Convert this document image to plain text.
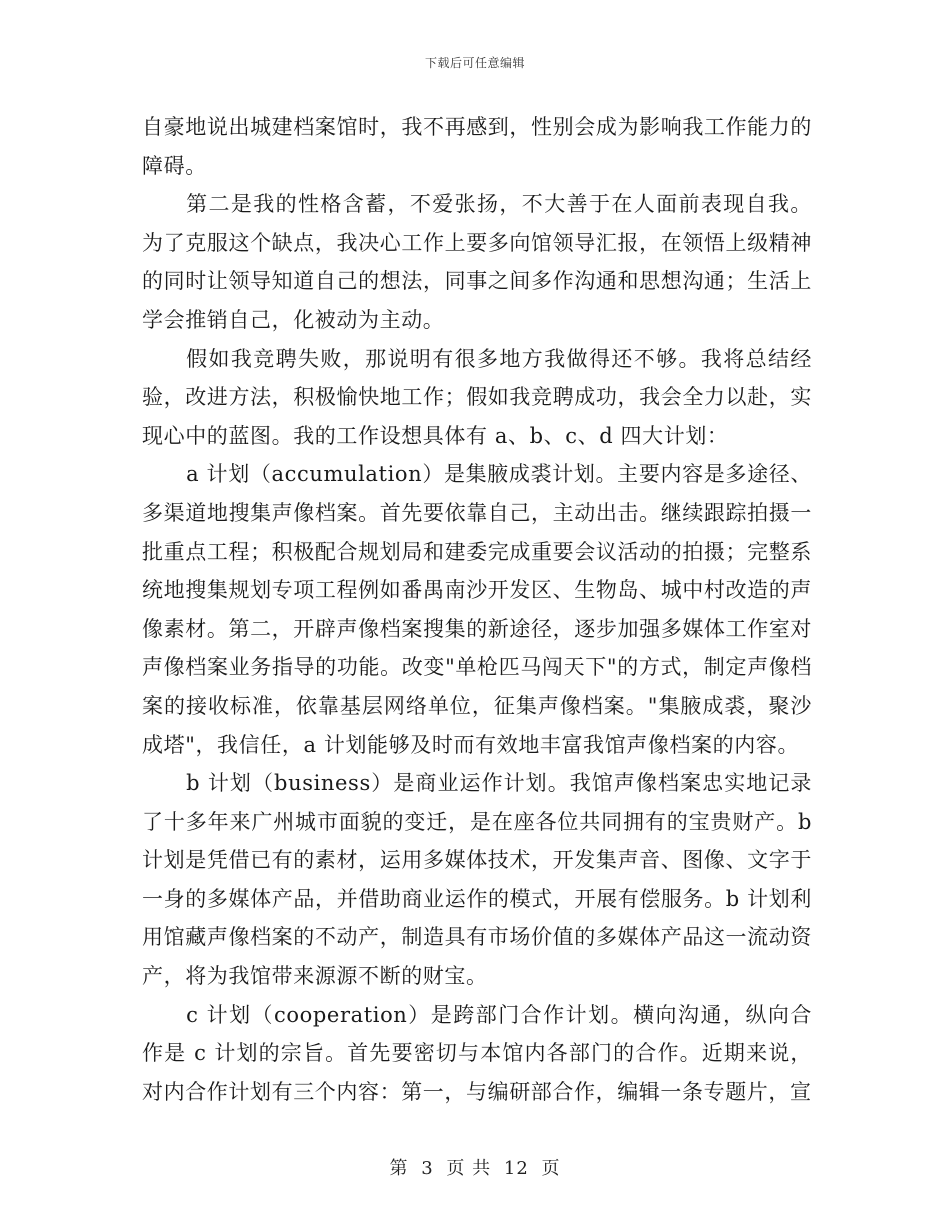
下载后可任意编辑

自豪地说出城建档案馆时，我不再感到，性别会成为影响我工作能力的障碍。

第二是我的性格含蓄，不爱张扬，不大善于在人面前表现自我。为了克服这个缺点，我决心工作上要多向馆领导汇报，在领悟上级精神的同时让领导知道自己的想法，同事之间多作沟通和思想沟通；生活上学会推销自己，化被动为主动。

假如我竞聘失败，那说明有很多地方我做得还不够。我将总结经验，改进方法，积极愉快地工作；假如我竞聘成功，我会全力以赴，实现心中的蓝图。我的工作设想具体有 a、b、c、d 四大计划：

a 计划（accumulation）是集腋成裘计划。主要内容是多途径、多渠道地搜集声像档案。首先要依靠自己，主动出击。继续跟踪拍摄一批重点工程；积极配合规划局和建委完成重要会议活动的拍摄；完整系统地搜集规划专项工程例如番禺南沙开发区、生物岛、城中村改造的声像素材。第二，开辟声像档案搜集的新途径，逐步加强多媒体工作室对声像档案业务指导的功能。改变"单枪匹马闯天下"的方式，制定声像档案的接收标准，依靠基层网络单位，征集声像档案。"集腋成裘，聚沙成塔"，我信任，a 计划能够及时而有效地丰富我馆声像档案的内容。

b 计划（business）是商业运作计划。我馆声像档案忠实地记录了十多年来广州城市面貌的变迁，是在座各位共同拥有的宝贵财产。b 计划是凭借已有的素材，运用多媒体技术，开发集声音、图像、文字于一身的多媒体产品，并借助商业运作的模式，开展有偿服务。b 计划利用馆藏声像档案的不动产，制造具有市场价值的多媒体产品这一流动资产，将为我馆带来源源不断的财宝。

c 计划（cooperation）是跨部门合作计划。横向沟通，纵向合作是 c 计划的宗旨。首先要密切与本馆内各部门的合作。近期来说，对内合作计划有三个内容：第一，与编研部合作，编辑一条专题片，宣

第 3 页 共 12 页
